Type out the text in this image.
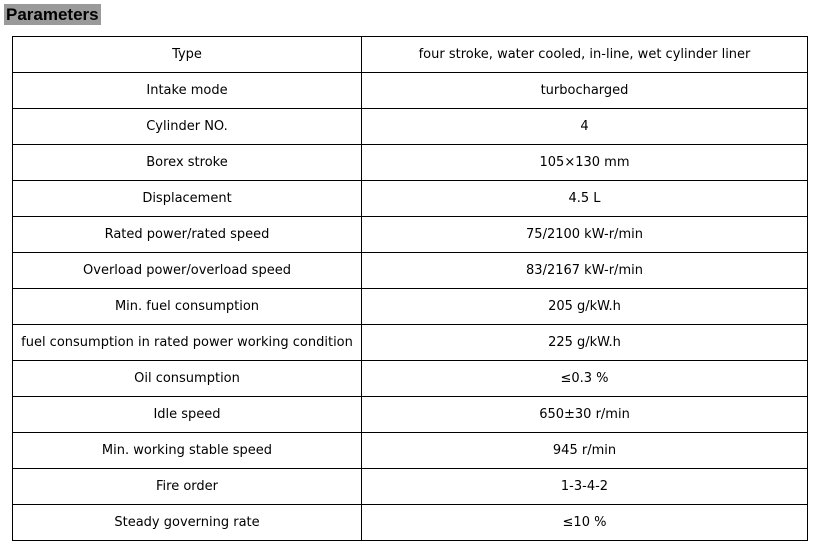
Parameters
Type	four stroke, water cooled, in-line, wet cylinder liner
Intake mode	turbocharged
Cylinder NO.	4
Borex stroke	105×130 mm
Displacement	4.5 L
Rated power/rated speed	75/2100 kW-r/min
Overload power/overload speed	83/2167 kW-r/min
Min. fuel consumption	205 g/kW.h
fuel consumption in rated power working condition	225 g/kW.h
Oil consumption	≤0.3 %
Idle speed	650±30 r/min
Min. working stable speed	945 r/min
Fire order	1-3-4-2
Steady governing rate	≤10 %
